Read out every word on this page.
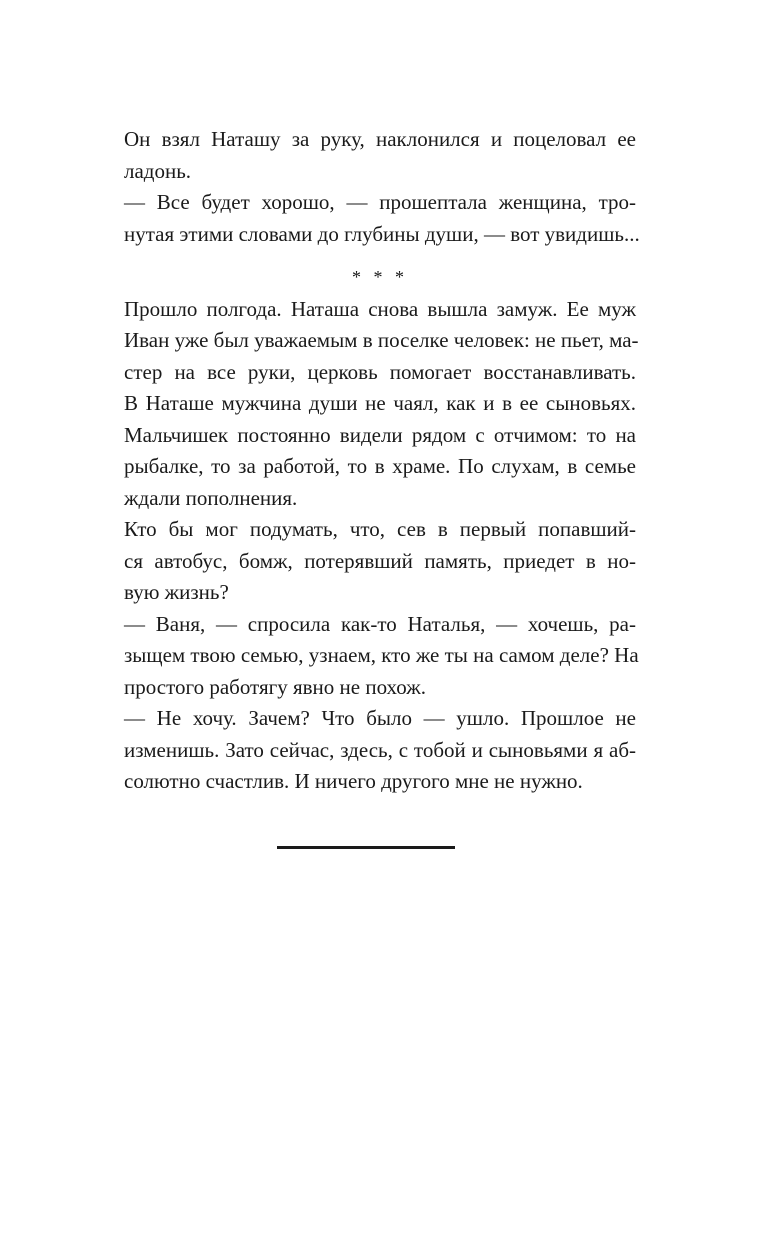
Он взял Наташу за руку, наклонился и поцеловал ее
ладонь.
— Все будет хорошо, — прошептала женщина, тро-
нутая этими словами до глубины души, — вот увидишь...
* * *
Прошло полгода. Наташа снова вышла замуж. Ее муж
Иван уже был уважаемым в поселке человек: не пьет, ма-
стер на все руки, церковь помогает восстанавливать.
В Наташе мужчина души не чаял, как и в ее сыновьях.
Мальчишек постоянно видели рядом с отчимом: то на
рыбалке, то за работой, то в храме. По слухам, в семье
ждали пополнения.
Кто бы мог подумать, что, сев в первый попавший-
ся автобус, бомж, потерявший память, приедет в но-
вую жизнь?
— Ваня, — спросила как-то Наталья, — хочешь, ра-
зыщем твою семью, узнаем, кто же ты на самом деле? На
простого работягу явно не похож.
— Не хочу. Зачем? Что было — ушло. Прошлое не
изменишь. Зато сейчас, здесь, с тобой и сыновьями я аб-
солютно счастлив. И ничего другого мне не нужно.
